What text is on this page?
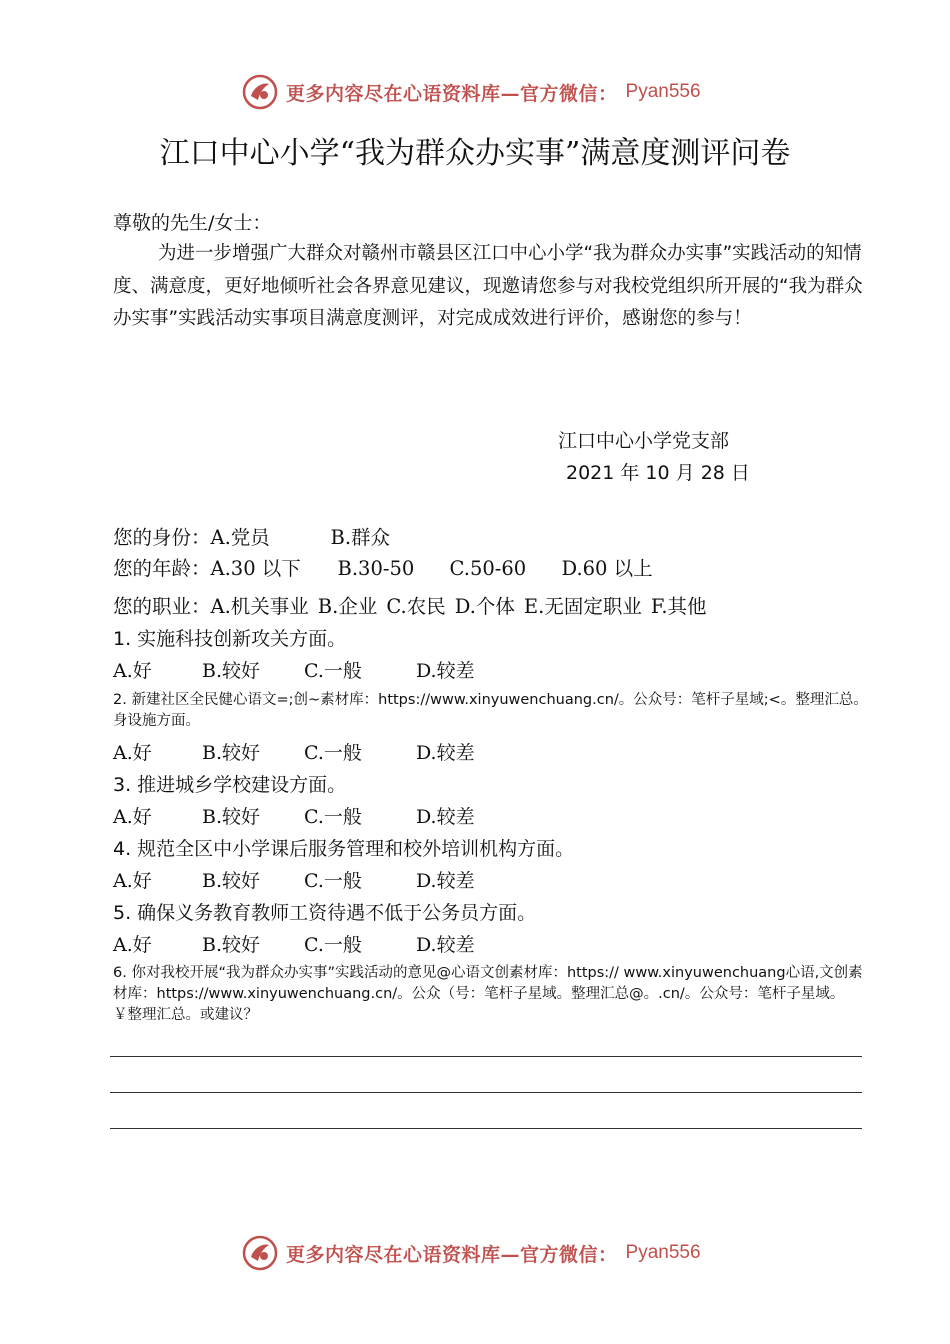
更多内容尽在心语资料库—官方微信： Pyan556
江口中心小学“我为群众办实事”满意度测评问卷
尊敬的先生/女士：
为进一步增强广大群众对赣州市赣县区江口中心小学“我为群众办实事”实践活动的知情度、满意度，更好地倾听社会各界意见建议，现邀请您参与对我校党组织所开展的“我为群众办实事”实践活动实事项目满意度测评，对完成成效进行评价，感谢您的参与！
江口中心小学党支部
2021 年 10 月 28 日
您的身份：A.党员	B.群众
您的年龄：A.30 以下 B.30-50 C.50-60 D.60 以上
您的职业：A.机关事业 B.企业 C.农民 D.个体 E.无固定职业 F.其他
1. 实施科技创新攻关方面。
A.好	B.较好	C.一般	D.较差
2. 新建社区全民健心语文=;创~素材库：https://www.xinyuwenchuang.cn/。公众号：笔杆子星域;<。整理汇总。身设施方面。
A.好	B.较好	C.一般	D.较差
3. 推进城乡学校建设方面。
A.好	B.较好	C.一般	D.较差
4. 规范全区中小学课后服务管理和校外培训机构方面。
A.好	B.较好	C.一般	D.较差
5. 确保义务教育教师工资待遇不低于公务员方面。
A.好	B.较好	C.一般	D.较差
6. 你对我校开展“我为群众办实事”实践活动的意见@心语文创素材库：https:// www.xinyuwenchuang心语,文创素材库：https://www.xinyuwenchuang.cn/。公众（号：笔杆子星域。整理汇总@。.cn/。公众号：笔杆子星域。￥整理汇总。或建议？
更多内容尽在心语资料库—官方微信： Pyan556
